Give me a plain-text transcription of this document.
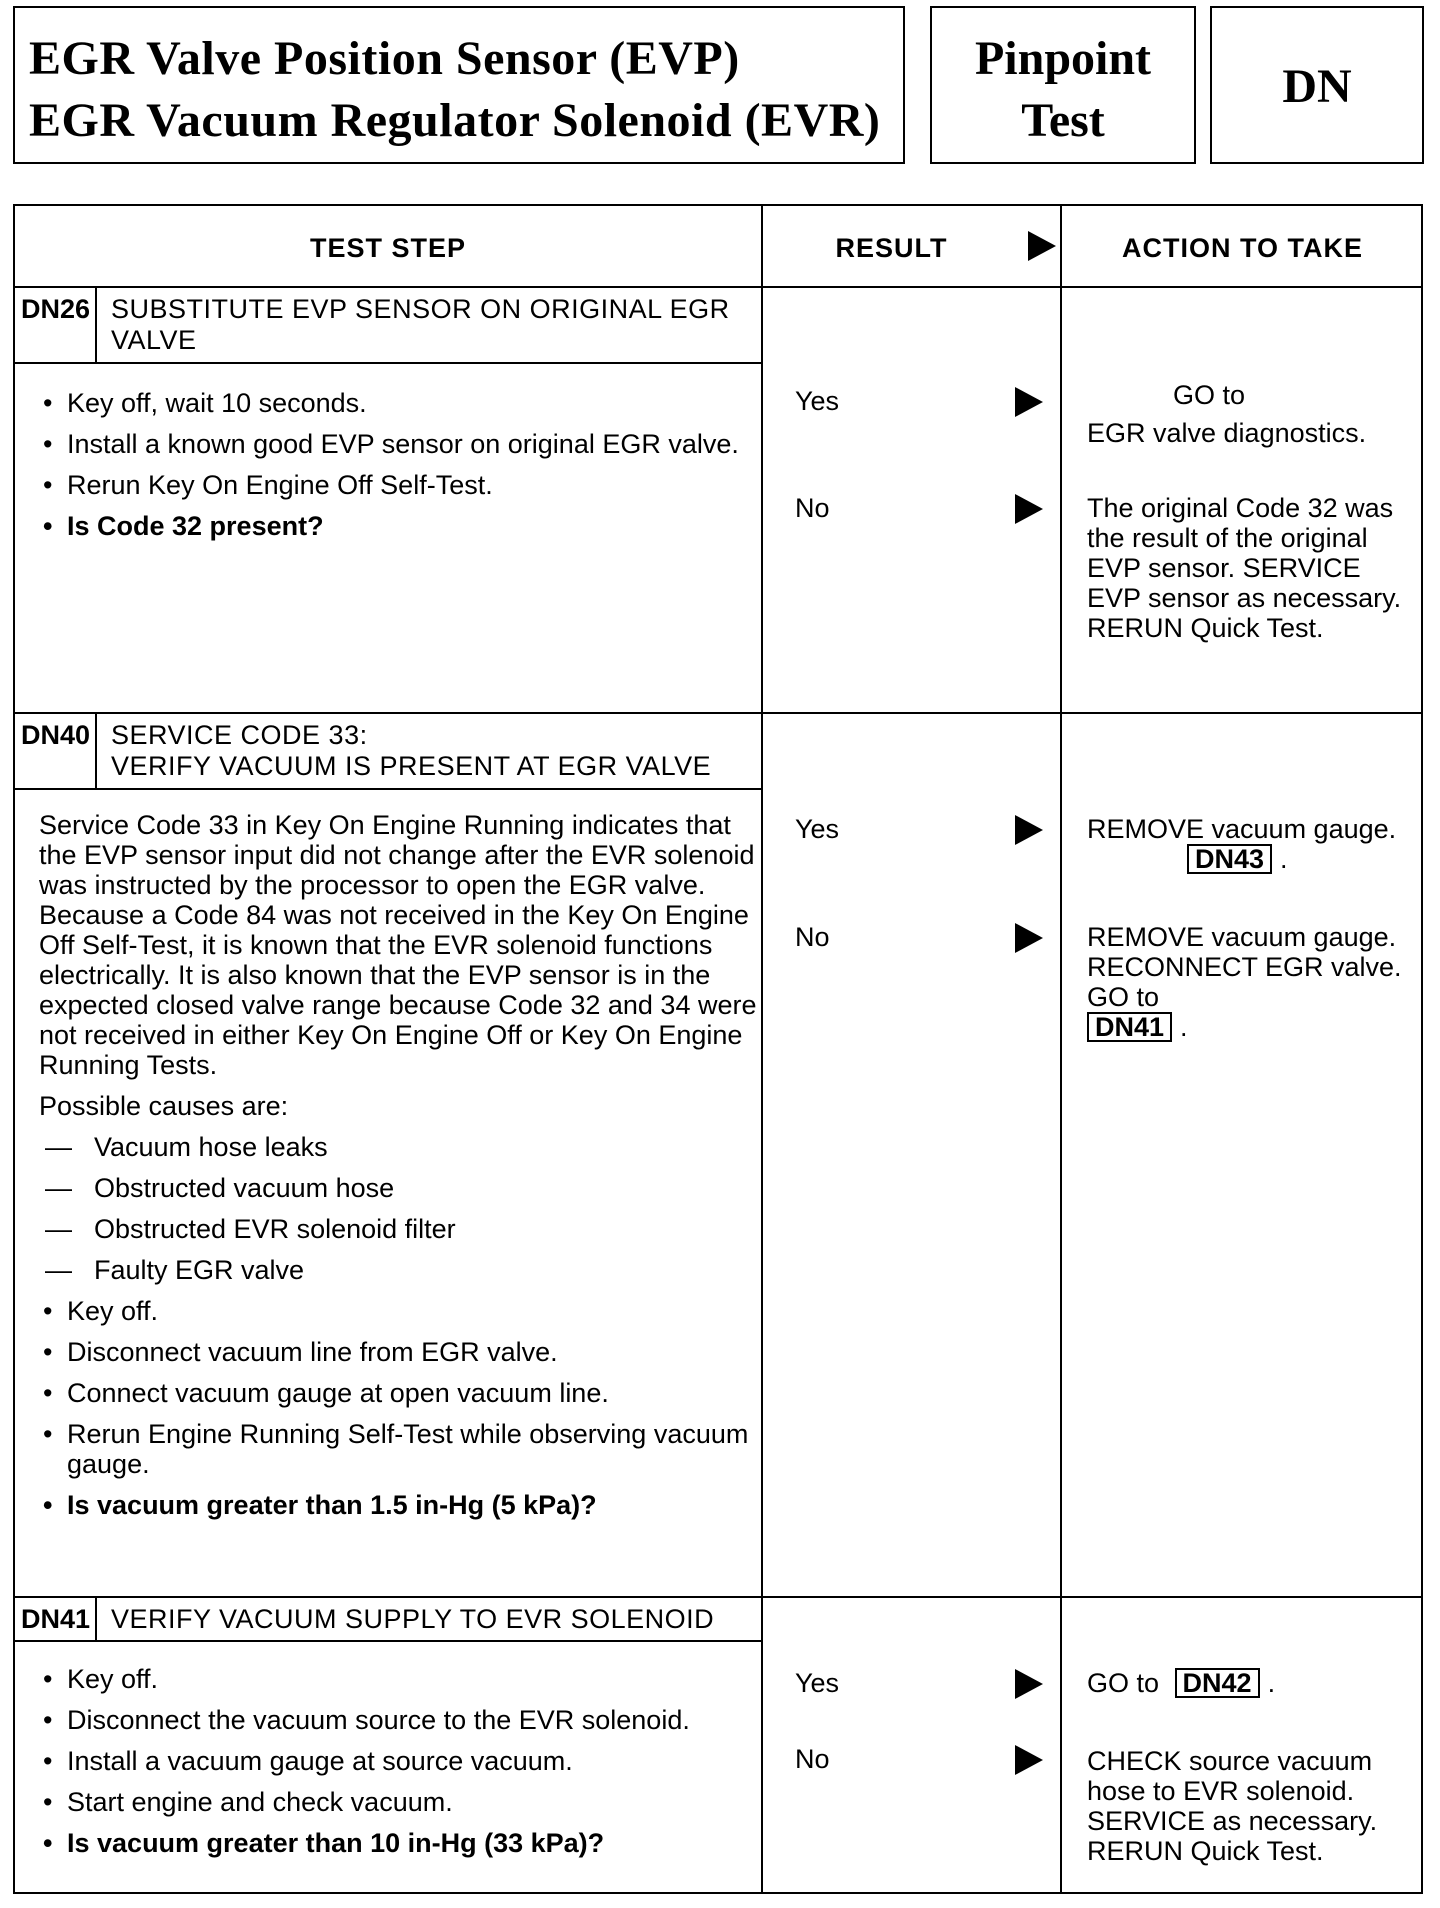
EGR Valve Position Sensor (EVP)
EGR Vacuum Regulator Solenoid (EVR)
Pinpoint
Test
DN
TEST STEP	RESULT	ACTION TO TAKE
DN26 SUBSTITUTE EVP SENSOR ON ORIGINAL EGR VALVE
• Key off, wait 10 seconds.
• Install a known good EVP sensor on original EGR valve.
• Rerun Key On Engine Off Self-Test.
• Is Code 32 present?
Yes	GO to
EGR valve diagnostics.
No	The original Code 32 was the result of the original EVP sensor. SERVICE EVP sensor as necessary. RERUN Quick Test.
DN40 SERVICE CODE 33:
VERIFY VACUUM IS PRESENT AT EGR VALVE

Service Code 33 in Key On Engine Running indicates that the EVP sensor input did not change after the EVR solenoid was instructed by the processor to open the EGR valve. Because a Code 84 was not received in the Key On Engine Off Self-Test, it is known that the EVR solenoid functions electrically. It is also known that the EVP sensor is in the expected closed valve range because Code 32 and 34 were not received in either Key On Engine Off or Key On Engine Running Tests.

Possible causes are:

— Vacuum hose leaks
— Obstructed vacuum hose
— Obstructed EVR solenoid filter
— Faulty EGR valve
• Key off.
• Disconnect vacuum line from EGR valve.
• Connect vacuum gauge at open vacuum line.
• Rerun Engine Running Self-Test while observing vacuum gauge.
• Is vacuum greater than 1.5 in-Hg (5 kPa)?
Yes	REMOVE vacuum gauge. DN43 .
No	REMOVE vacuum gauge. RECONNECT EGR valve. GO to
DN41 .
DN41 VERIFY VACUUM SUPPLY TO EVR SOLENOID
• Key off.
• Disconnect the vacuum source to the EVR solenoid.
• Install a vacuum gauge at source vacuum.
• Start engine and check vacuum.
• Is vacuum greater than 10 in-Hg (33 kPa)?
Yes	GO to DN42 .
No	CHECK source vacuum hose to EVR solenoid. SERVICE as necessary. RERUN Quick Test.
